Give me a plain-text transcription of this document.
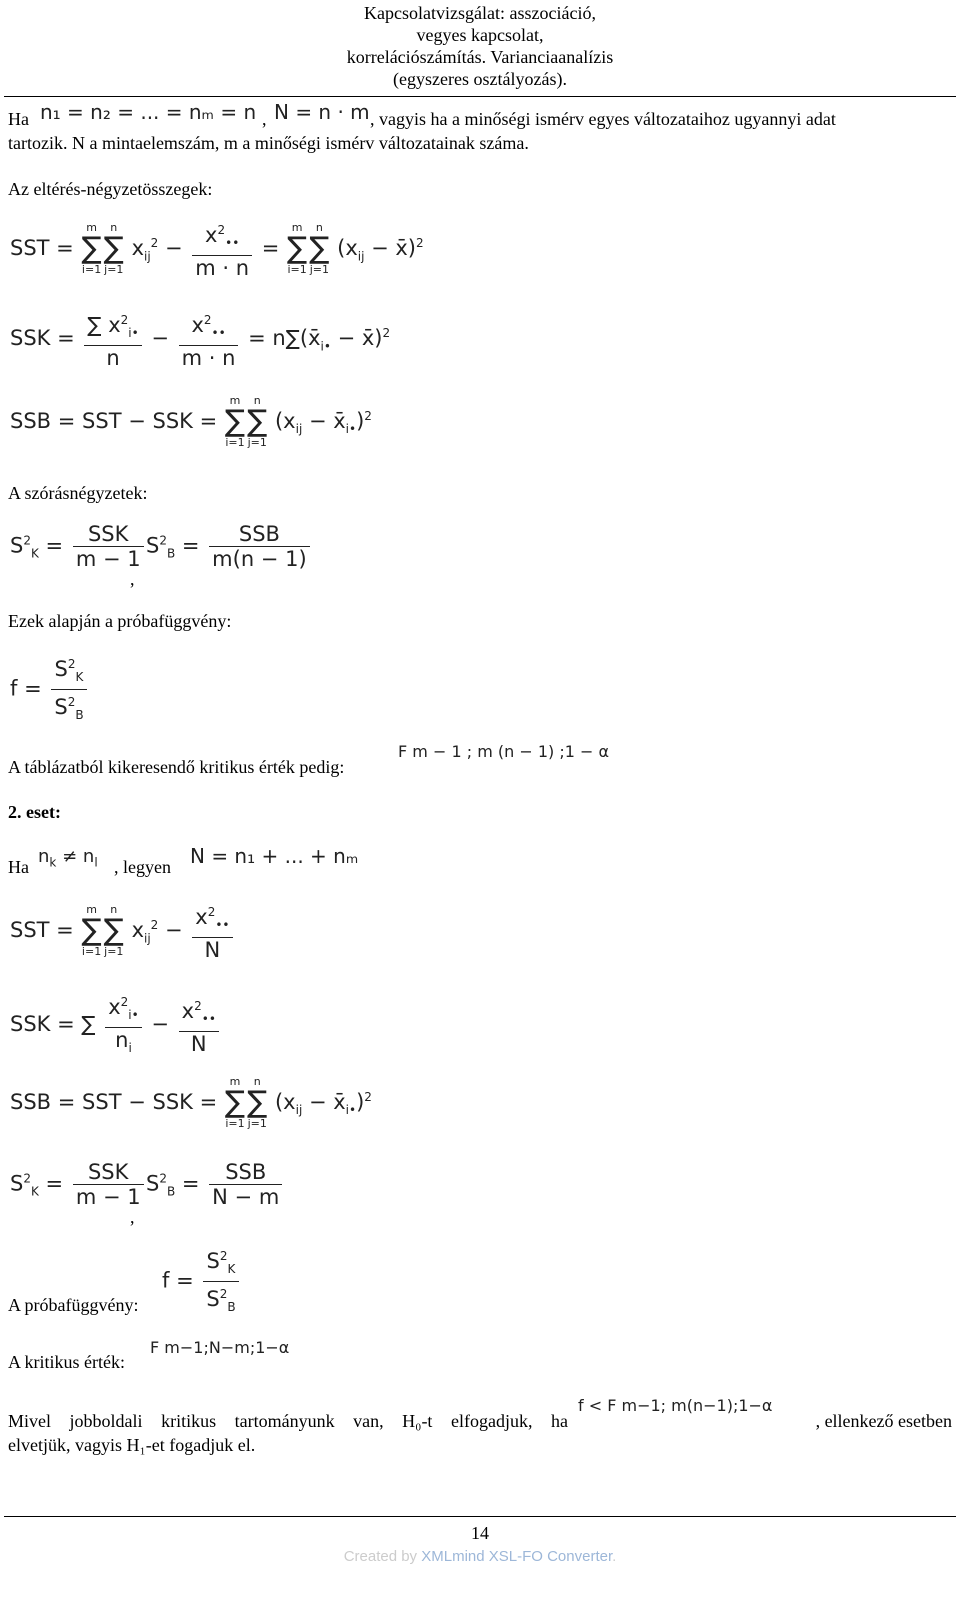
Kapcsolatvizsgálat: asszociáció,
vegyes kapcsolat,
korrelációszámítás. Varianciaanalízis
(egyszeres osztályozás).
Ha n₁ = n₂ = ... = nₘ = n , N = n · m , vagyis ha a minőségi ismérv egyes változataihoz ugyannyi adat
tartozik. N a mintaelemszám, m a minőségi ismérv változatainak száma.
Az eltérés-négyzetösszegek:
SST =
m
∑
i=1
n
∑
j=1
$x_{ij}^2 - \frac{x^2_{••}}{m \cdot n}$ =
m
∑
i=1
n
∑
j=1
($x_{ij}$ − x̄)$^2$
SSK = $\frac{\sum x^2_{i•}}{n} - \frac{x^2_{••}}{m \cdot n}$ = $n\sum(x̄_{i•}$ − x̄)$^2$
SSB = SST − SSK =
m
∑
i=1
n
∑
j=1
($x_{ij}$ − $x̄_{i•})^2$
A szórásnégyzetek:
$S^2_K = \frac{\text{SSK}}{m - 1}$
,
$S^2_B = \frac{\text{SSB}}{m(n - 1)}$
Ezek alapján a próbafüggvény:
$f = \frac{S^2_K}{S^2_B}$
A táblázatból kikeresendő kritikus érték pedig:
F m − 1 ; m (n − 1) ;1 − α
2. eset:
Ha $n_k \ne n_l$ , legyen N = n₁ + ... + nₘ
SST =
m
∑
i=1
n
∑
j=1
$x_{ij}^2 - \frac{x^2_{••}}{N}$
SSK = ∑ $\frac{x^2_{i•}}{n_i} - \frac{x^2_{••}}{N}$
SSB = SST − SSK =
m
∑
i=1
n
∑
j=1
($x_{ij}$ − $x̄_{i•})^2$
$S^2_K = \frac{\text{SSK}}{m - 1}$
,
$S^2_B = \frac{\text{SSB}}{N - m}$
$f = \frac{S^2_K}{S^2_B}$
A próbafüggvény:
A kritikus érték:
F m−1;N−m;1−α
Mivel jobboldali kritikus tartományunk van, H₀-t elfogadjuk, ha
f < F m−1; m(n−1);1−α
, ellenkező esetben
elvetjük, vagyis H₁-et fogadjuk el.
14
Created by XMLmind XSL-FO Converter.
